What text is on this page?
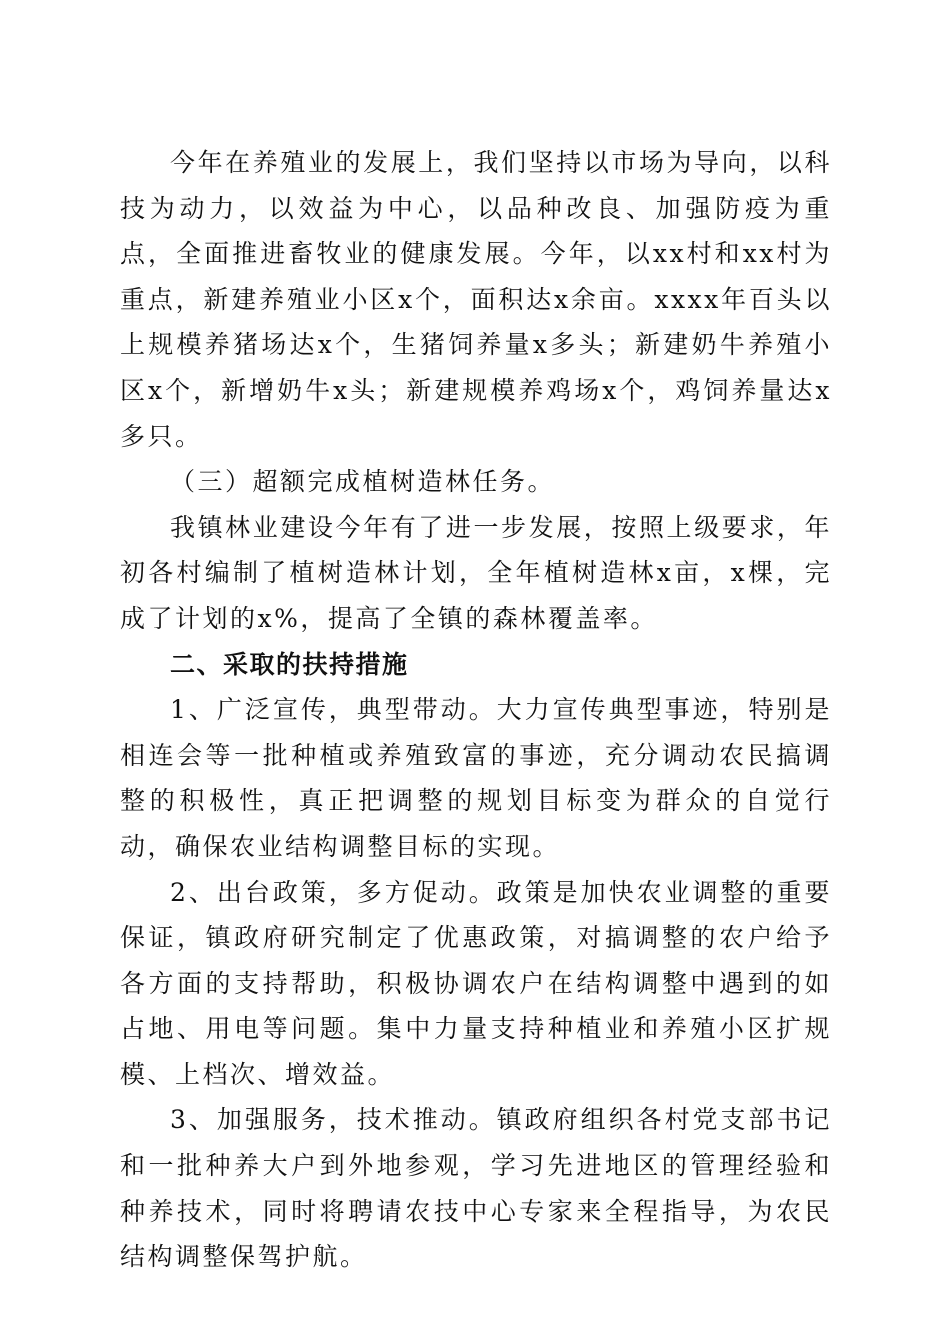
今年在养殖业的发展上，我们坚持以市场为导向，以科技为动力，以效益为中心，以品种改良、加强防疫为重点，全面推进畜牧业的健康发展。今年，以xx村和xx村为重点，新建养殖业小区x个，面积达x余亩。xxxx年百头以上规模养猪场达x个，生猪饲养量x多头；新建奶牛养殖小区x个，新增奶牛x头；新建规模养鸡场x个，鸡饲养量达x多只。

（三）超额完成植树造林任务。

我镇林业建设今年有了进一步发展，按照上级要求，年初各村编制了植树造林计划，全年植树造林x亩，x棵，完成了计划的x%，提高了全镇的森林覆盖率。

二、采取的扶持措施

1、广泛宣传，典型带动。大力宣传典型事迹，特别是相连会等一批种植或养殖致富的事迹，充分调动农民搞调整的积极性，真正把调整的规划目标变为群众的自觉行动，确保农业结构调整目标的实现。

2、出台政策，多方促动。政策是加快农业调整的重要保证，镇政府研究制定了优惠政策，对搞调整的农户给予各方面的支持帮助，积极协调农户在结构调整中遇到的如占地、用电等问题。集中力量支持种植业和养殖小区扩规模、上档次、增效益。

3、加强服务，技术推动。镇政府组织各村党支部书记和一批种养大户到外地参观，学习先进地区的管理经验和种养技术，同时将聘请农技中心专家来全程指导，为农民结构调整保驾护航。
